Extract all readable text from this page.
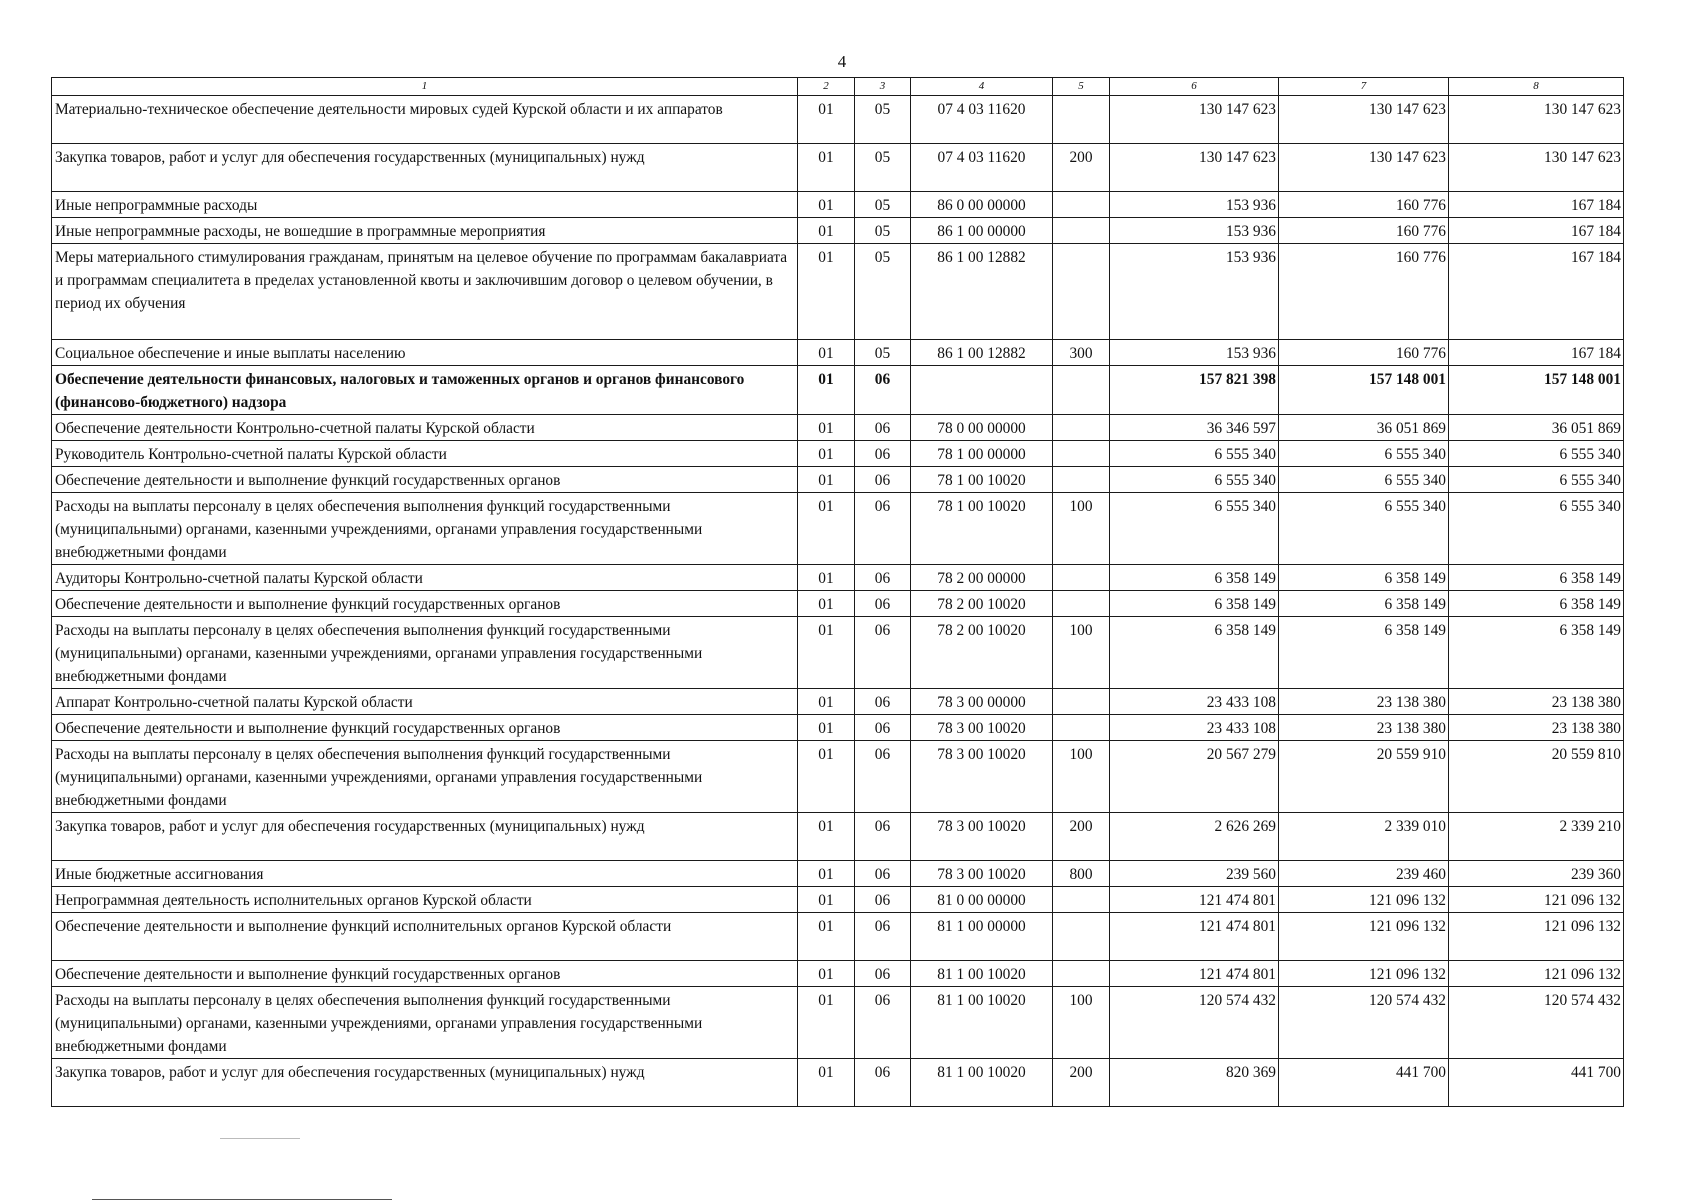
4
1	2	3	4	5	6	7	8
Материально-техническое обеспечение деятельности мировых судей Курской области и их аппаратов	01	05	07 4 03 11620		130 147 623	130 147 623	130 147 623
Закупка товаров, работ и услуг для обеспечения государственных (муниципальных) нужд	01	05	07 4 03 11620	200	130 147 623	130 147 623	130 147 623
Иные непрограммные расходы	01	05	86 0 00 00000		153 936	160 776	167 184
Иные непрограммные расходы, не вошедшие в программные мероприятия	01	05	86 1 00 00000		153 936	160 776	167 184
Меры материального стимулирования гражданам, принятым на целевое обучение по программам бакалавриата и программам специалитета в пределах установленной квоты и заключившим договор о целевом обучении, в период их обучения	01	05	86 1 00 12882		153 936	160 776	167 184
Социальное обеспечение и иные выплаты населению	01	05	86 1 00 12882	300	153 936	160 776	167 184
Обеспечение деятельности финансовых, налоговых и таможенных органов и органов финансового (финансово-бюджетного) надзора	01	06			157 821 398	157 148 001	157 148 001
Обеспечение деятельности Контрольно-счетной палаты Курской области	01	06	78 0 00 00000		36 346 597	36 051 869	36 051 869
Руководитель Контрольно-счетной палаты Курской области	01	06	78 1 00 00000		6 555 340	6 555 340	6 555 340
Обеспечение деятельности и выполнение функций государственных органов	01	06	78 1 00 10020		6 555 340	6 555 340	6 555 340
Расходы на выплаты персоналу в целях обеспечения выполнения функций государственными (муниципальными) органами, казенными учреждениями, органами управления государственными внебюджетными фондами	01	06	78 1 00 10020	100	6 555 340	6 555 340	6 555 340
Аудиторы Контрольно-счетной палаты Курской области	01	06	78 2 00 00000		6 358 149	6 358 149	6 358 149
Обеспечение деятельности и выполнение функций государственных органов	01	06	78 2 00 10020		6 358 149	6 358 149	6 358 149
Расходы на выплаты персоналу в целях обеспечения выполнения функций государственными (муниципальными) органами, казенными учреждениями, органами управления государственными внебюджетными фондами	01	06	78 2 00 10020	100	6 358 149	6 358 149	6 358 149
Аппарат Контрольно-счетной палаты Курской области	01	06	78 3 00 00000		23 433 108	23 138 380	23 138 380
Обеспечение деятельности и выполнение функций государственных органов	01	06	78 3 00 10020		23 433 108	23 138 380	23 138 380
Расходы на выплаты персоналу в целях обеспечения выполнения функций государственными (муниципальными) органами, казенными учреждениями, органами управления государственными внебюджетными фондами	01	06	78 3 00 10020	100	20 567 279	20 559 910	20 559 810
Закупка товаров, работ и услуг для обеспечения государственных (муниципальных) нужд	01	06	78 3 00 10020	200	2 626 269	2 339 010	2 339 210
Иные бюджетные ассигнования	01	06	78 3 00 10020	800	239 560	239 460	239 360
Непрограммная деятельность исполнительных органов Курской области	01	06	81 0 00 00000		121 474 801	121 096 132	121 096 132
Обеспечение деятельности и выполнение функций исполнительных органов Курской области	01	06	81 1 00 00000		121 474 801	121 096 132	121 096 132
Обеспечение деятельности и выполнение функций государственных органов	01	06	81 1 00 10020		121 474 801	121 096 132	121 096 132
Расходы на выплаты персоналу в целях обеспечения выполнения функций государственными (муниципальными) органами, казенными учреждениями, органами управления государственными внебюджетными фондами	01	06	81 1 00 10020	100	120 574 432	120 574 432	120 574 432
Закупка товаров, работ и услуг для обеспечения государственных (муниципальных) нужд	01	06	81 1 00 10020	200	820 369	441 700	441 700
